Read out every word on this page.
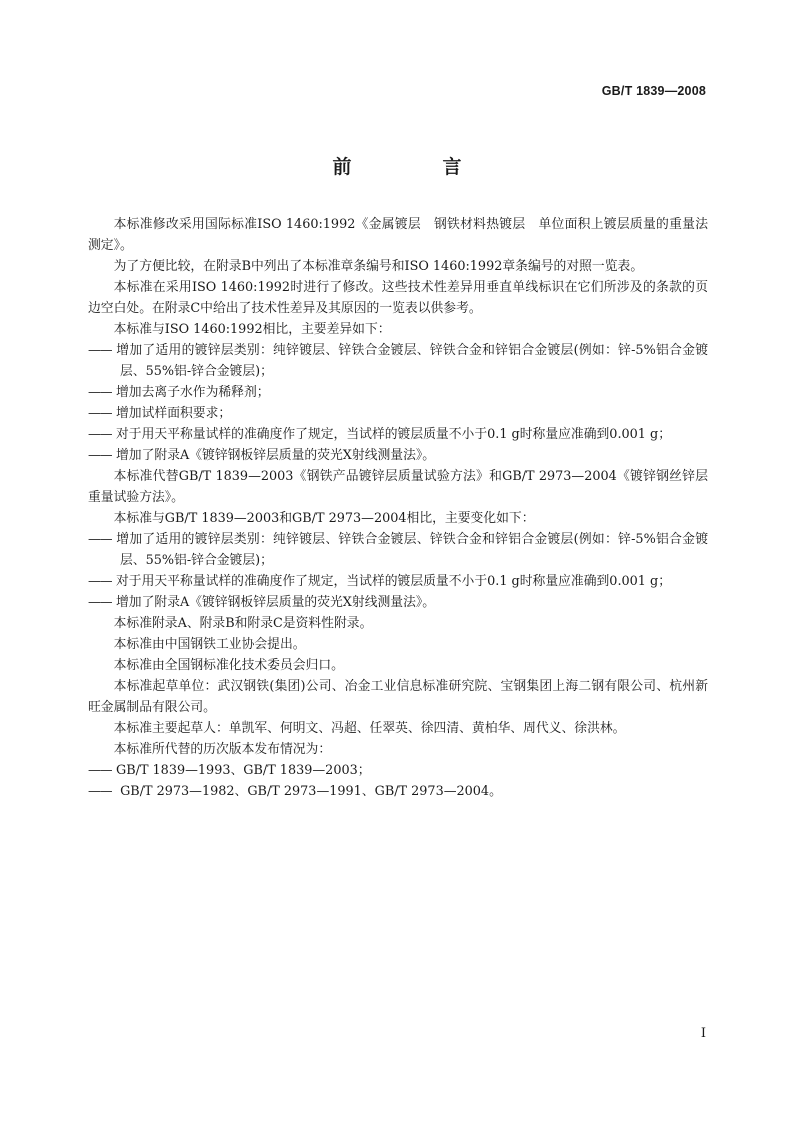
GB/T 1839—2008
前　言
本标准修改采用国际标准ISO 1460:1992《金属镀层　钢铁材料热镀层　单位面积上镀层质量的重量法测定》。
为了方便比较，在附录B中列出了本标准章条编号和ISO 1460:1992章条编号的对照一览表。
本标准在采用ISO 1460:1992时进行了修改。这些技术性差异用垂直单线标识在它们所涉及的条款的页边空白处。在附录C中给出了技术性差异及其原因的一览表以供参考。
本标准与ISO 1460:1992相比，主要差异如下：
—— 增加了适用的镀锌层类别：纯锌镀层、锌铁合金镀层、锌铁合金和锌铝合金镀层(例如：锌-5%铝合金镀层、55%铝-锌合金镀层)；
—— 增加去离子水作为稀释剂；
—— 增加试样面积要求；
—— 对于用天平称量试样的准确度作了规定，当试样的镀层质量不小于0.1 g时称量应准确到0.001 g；
—— 增加了附录A《镀锌钢板锌层质量的荧光X射线测量法》。
本标准代替GB/T 1839—2003《钢铁产品镀锌层质量试验方法》和GB/T 2973—2004《镀锌钢丝锌层重量试验方法》。
本标准与GB/T 1839—2003和GB/T 2973—2004相比，主要变化如下：
—— 增加了适用的镀锌层类别：纯锌镀层、锌铁合金镀层、锌铁合金和锌铝合金镀层(例如：锌-5%铝合金镀层、55%铝-锌合金镀层)；
—— 对于用天平称量试样的准确度作了规定，当试样的镀层质量不小于0.1 g时称量应准确到0.001 g；
—— 增加了附录A《镀锌钢板锌层质量的荧光X射线测量法》。
本标准附录A、附录B和附录C是资料性附录。
本标准由中国钢铁工业协会提出。
本标准由全国钢标准化技术委员会归口。
本标准起草单位：武汉钢铁(集团)公司、冶金工业信息标准研究院、宝钢集团上海二钢有限公司、杭州新旺金属制品有限公司。
本标准主要起草人：单凯军、何明文、冯超、任翠英、徐四清、黄柏华、周代义、徐洪林。
本标准所代替的历次版本发布情况为：
—— GB/T 1839—1993、GB/T 1839—2003；
—— GB/T 2973—1982、GB/T 2973—1991、GB/T 2973—2004。
I
